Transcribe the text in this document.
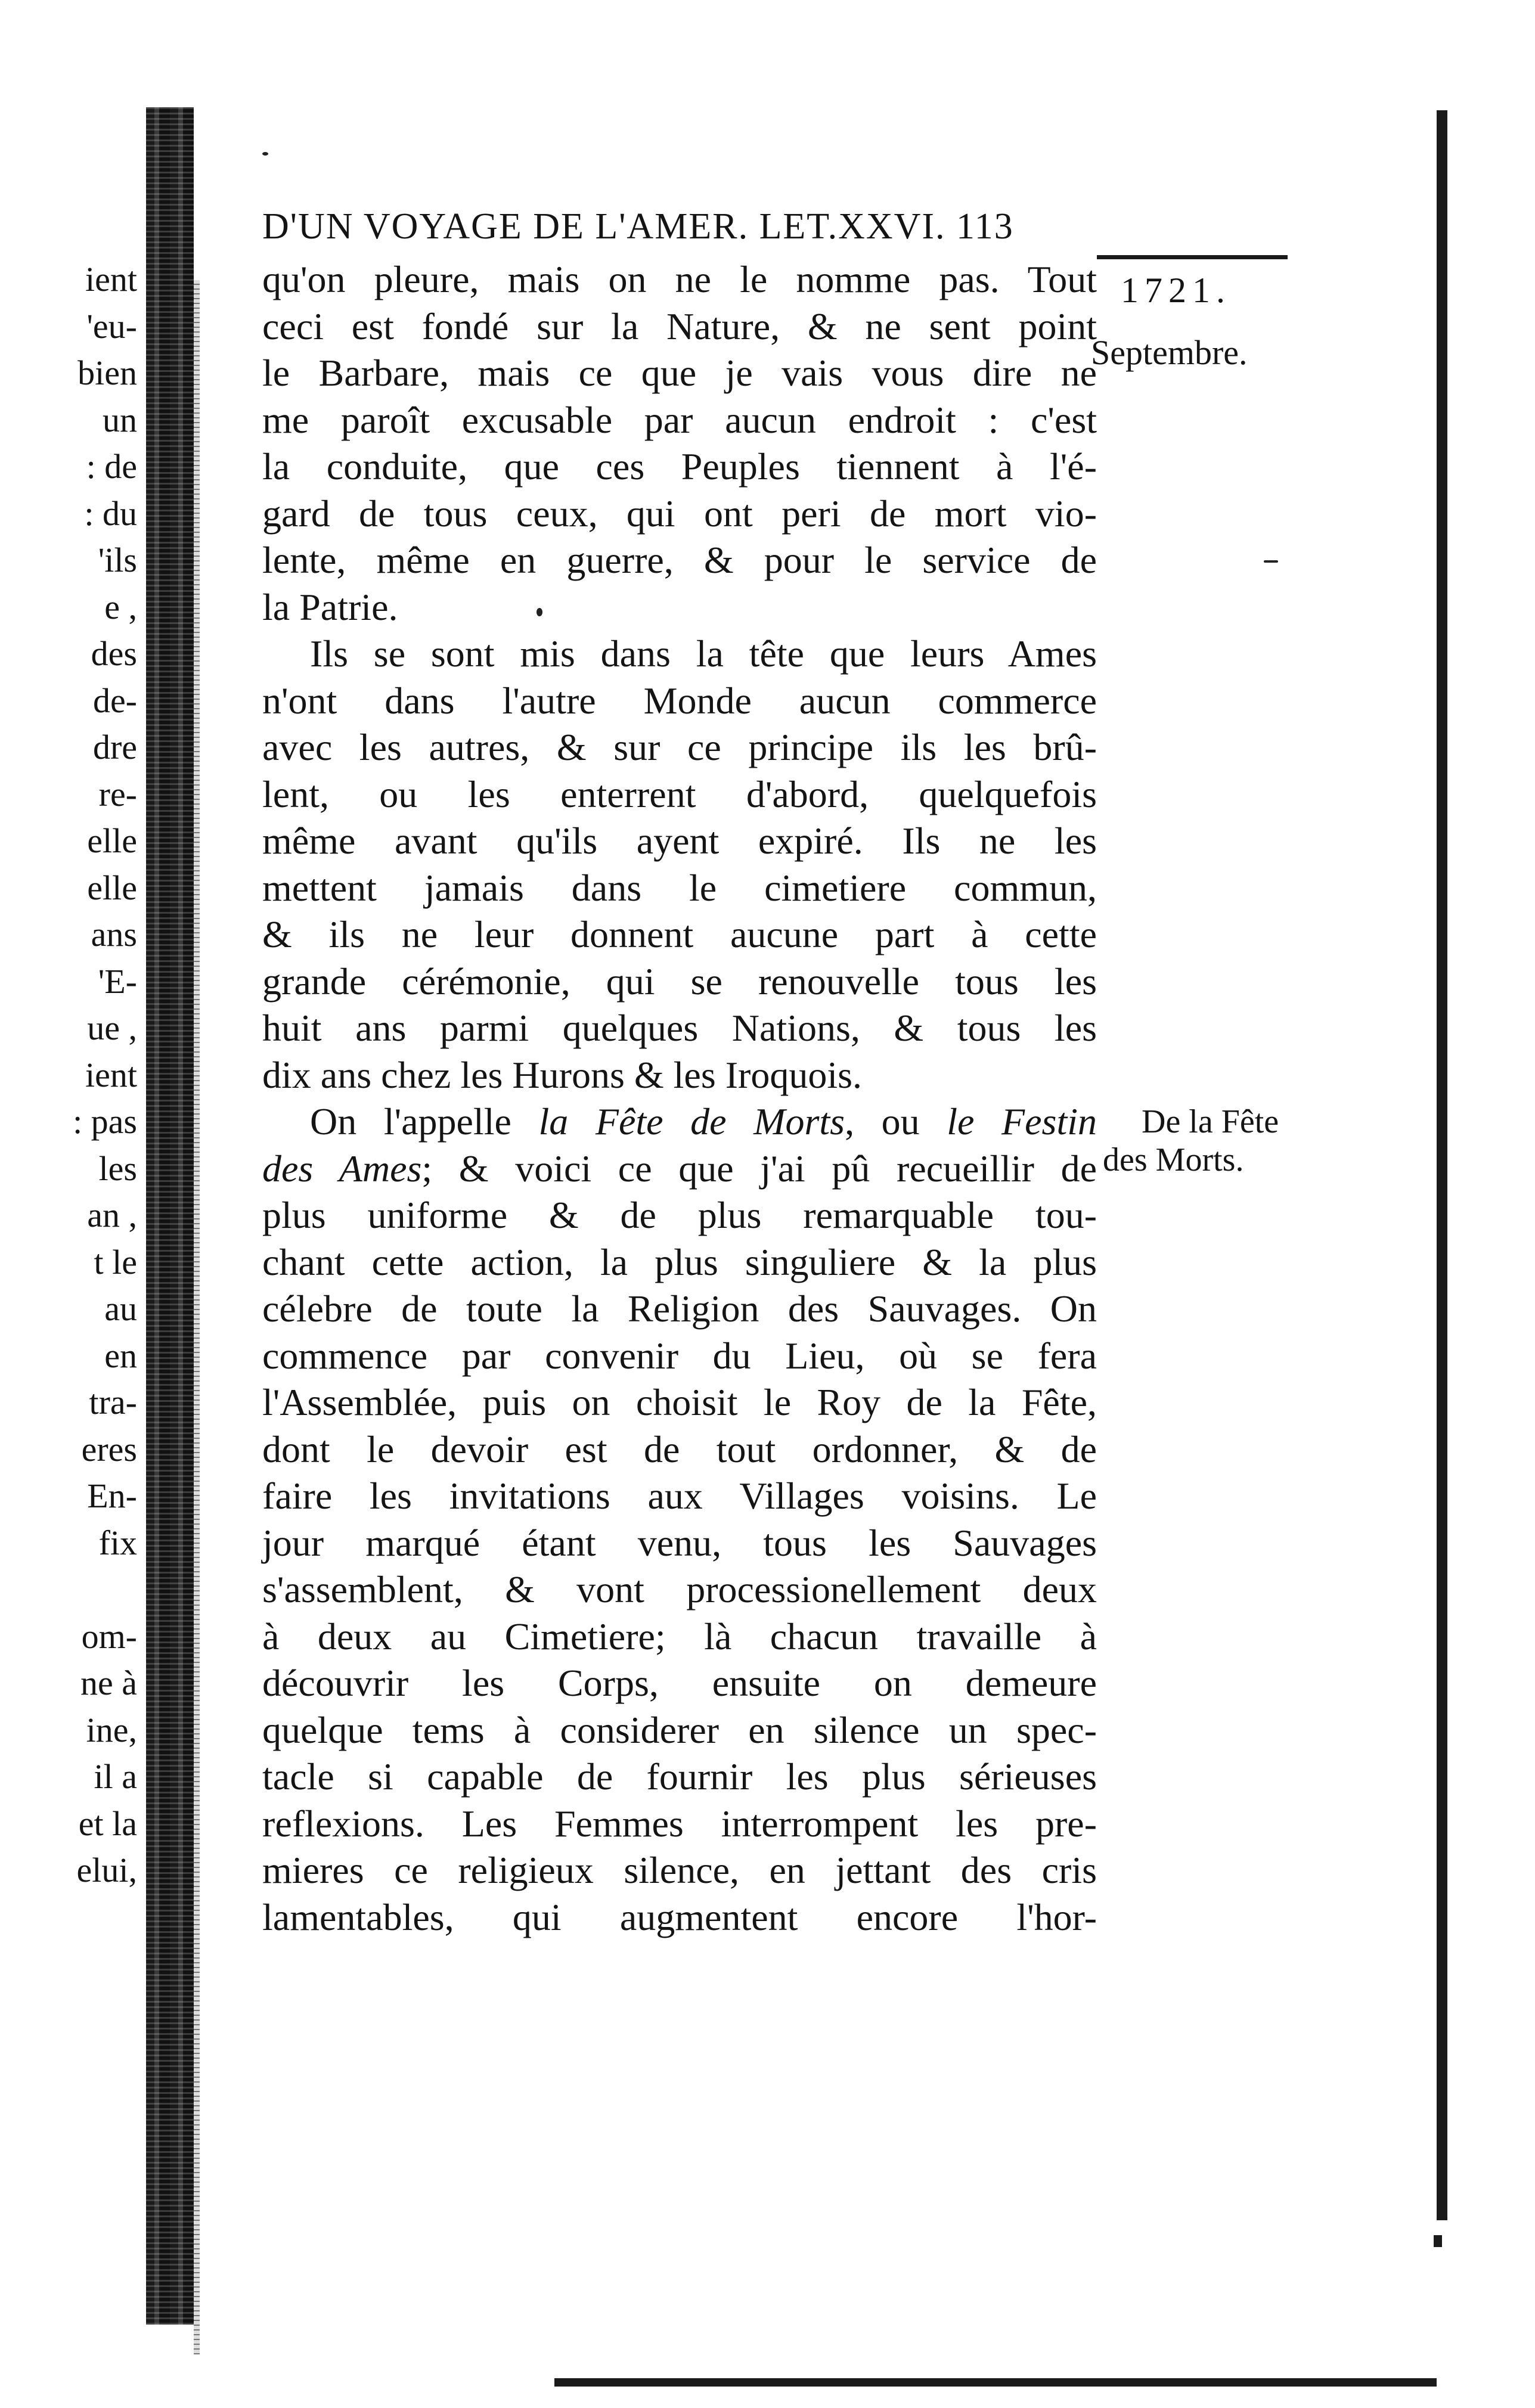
ient
'eu-
bien
un
: de
: du
'ils
e ,
des
de-
dre
re-
elle
elle
ans
'E-
ue ,
ient
: pas
les
an ,
t le
au
en
tra-
eres
En-
fix
om-
ne à
ine,
il a
et la
elui,
D'UN VOYAGE DE L'AMER. LET.XXVI. 113
qu'on pleure, mais on ne le nomme pas. Tout
ceci est fondé sur la Nature, & ne sent point
le Barbare, mais ce que je vais vous dire ne
me paroît excusable par aucun endroit : c'est
la conduite, que ces Peuples tiennent à l'é-
gard de tous ceux, qui ont peri de mort vio-
lente, même en guerre, & pour le service de
la Patrie.
Ils se sont mis dans la tête que leurs Ames
n'ont dans l'autre Monde aucun commerce
avec les autres, & sur ce principe ils les brû-
lent, ou les enterrent d'abord, quelquefois
même avant qu'ils ayent expiré. Ils ne les
mettent jamais dans le cimetiere commun,
& ils ne leur donnent aucune part à cette
grande cérémonie, qui se renouvelle tous les
huit ans parmi quelques Nations, & tous les
dix ans chez les Hurons & les Iroquois.
On l'appelle la Fête de Morts, ou le Festin
des Ames; & voici ce que j'ai pû recueillir de
plus uniforme & de plus remarquable tou-
chant cette action, la plus singuliere & la plus
célebre de toute la Religion des Sauvages. On
commence par convenir du Lieu, où se fera
l'Assemblée, puis on choisit le Roy de la Fête,
dont le devoir est de tout ordonner, & de
faire les invitations aux Villages voisins. Le
jour marqué étant venu, tous les Sauvages
s'assemblent, & vont processionellement deux
à deux au Cimetiere; là chacun travaille à
découvrir les Corps, ensuite on demeure
quelque tems à considerer en silence un spec-
tacle si capable de fournir les plus sérieuses
reflexions. Les Femmes interrompent les pre-
mieres ce religieux silence, en jettant des cris
lamentables, qui augmentent encore l'hor-
1721.
Septembre.
De la Fête
des Morts.
